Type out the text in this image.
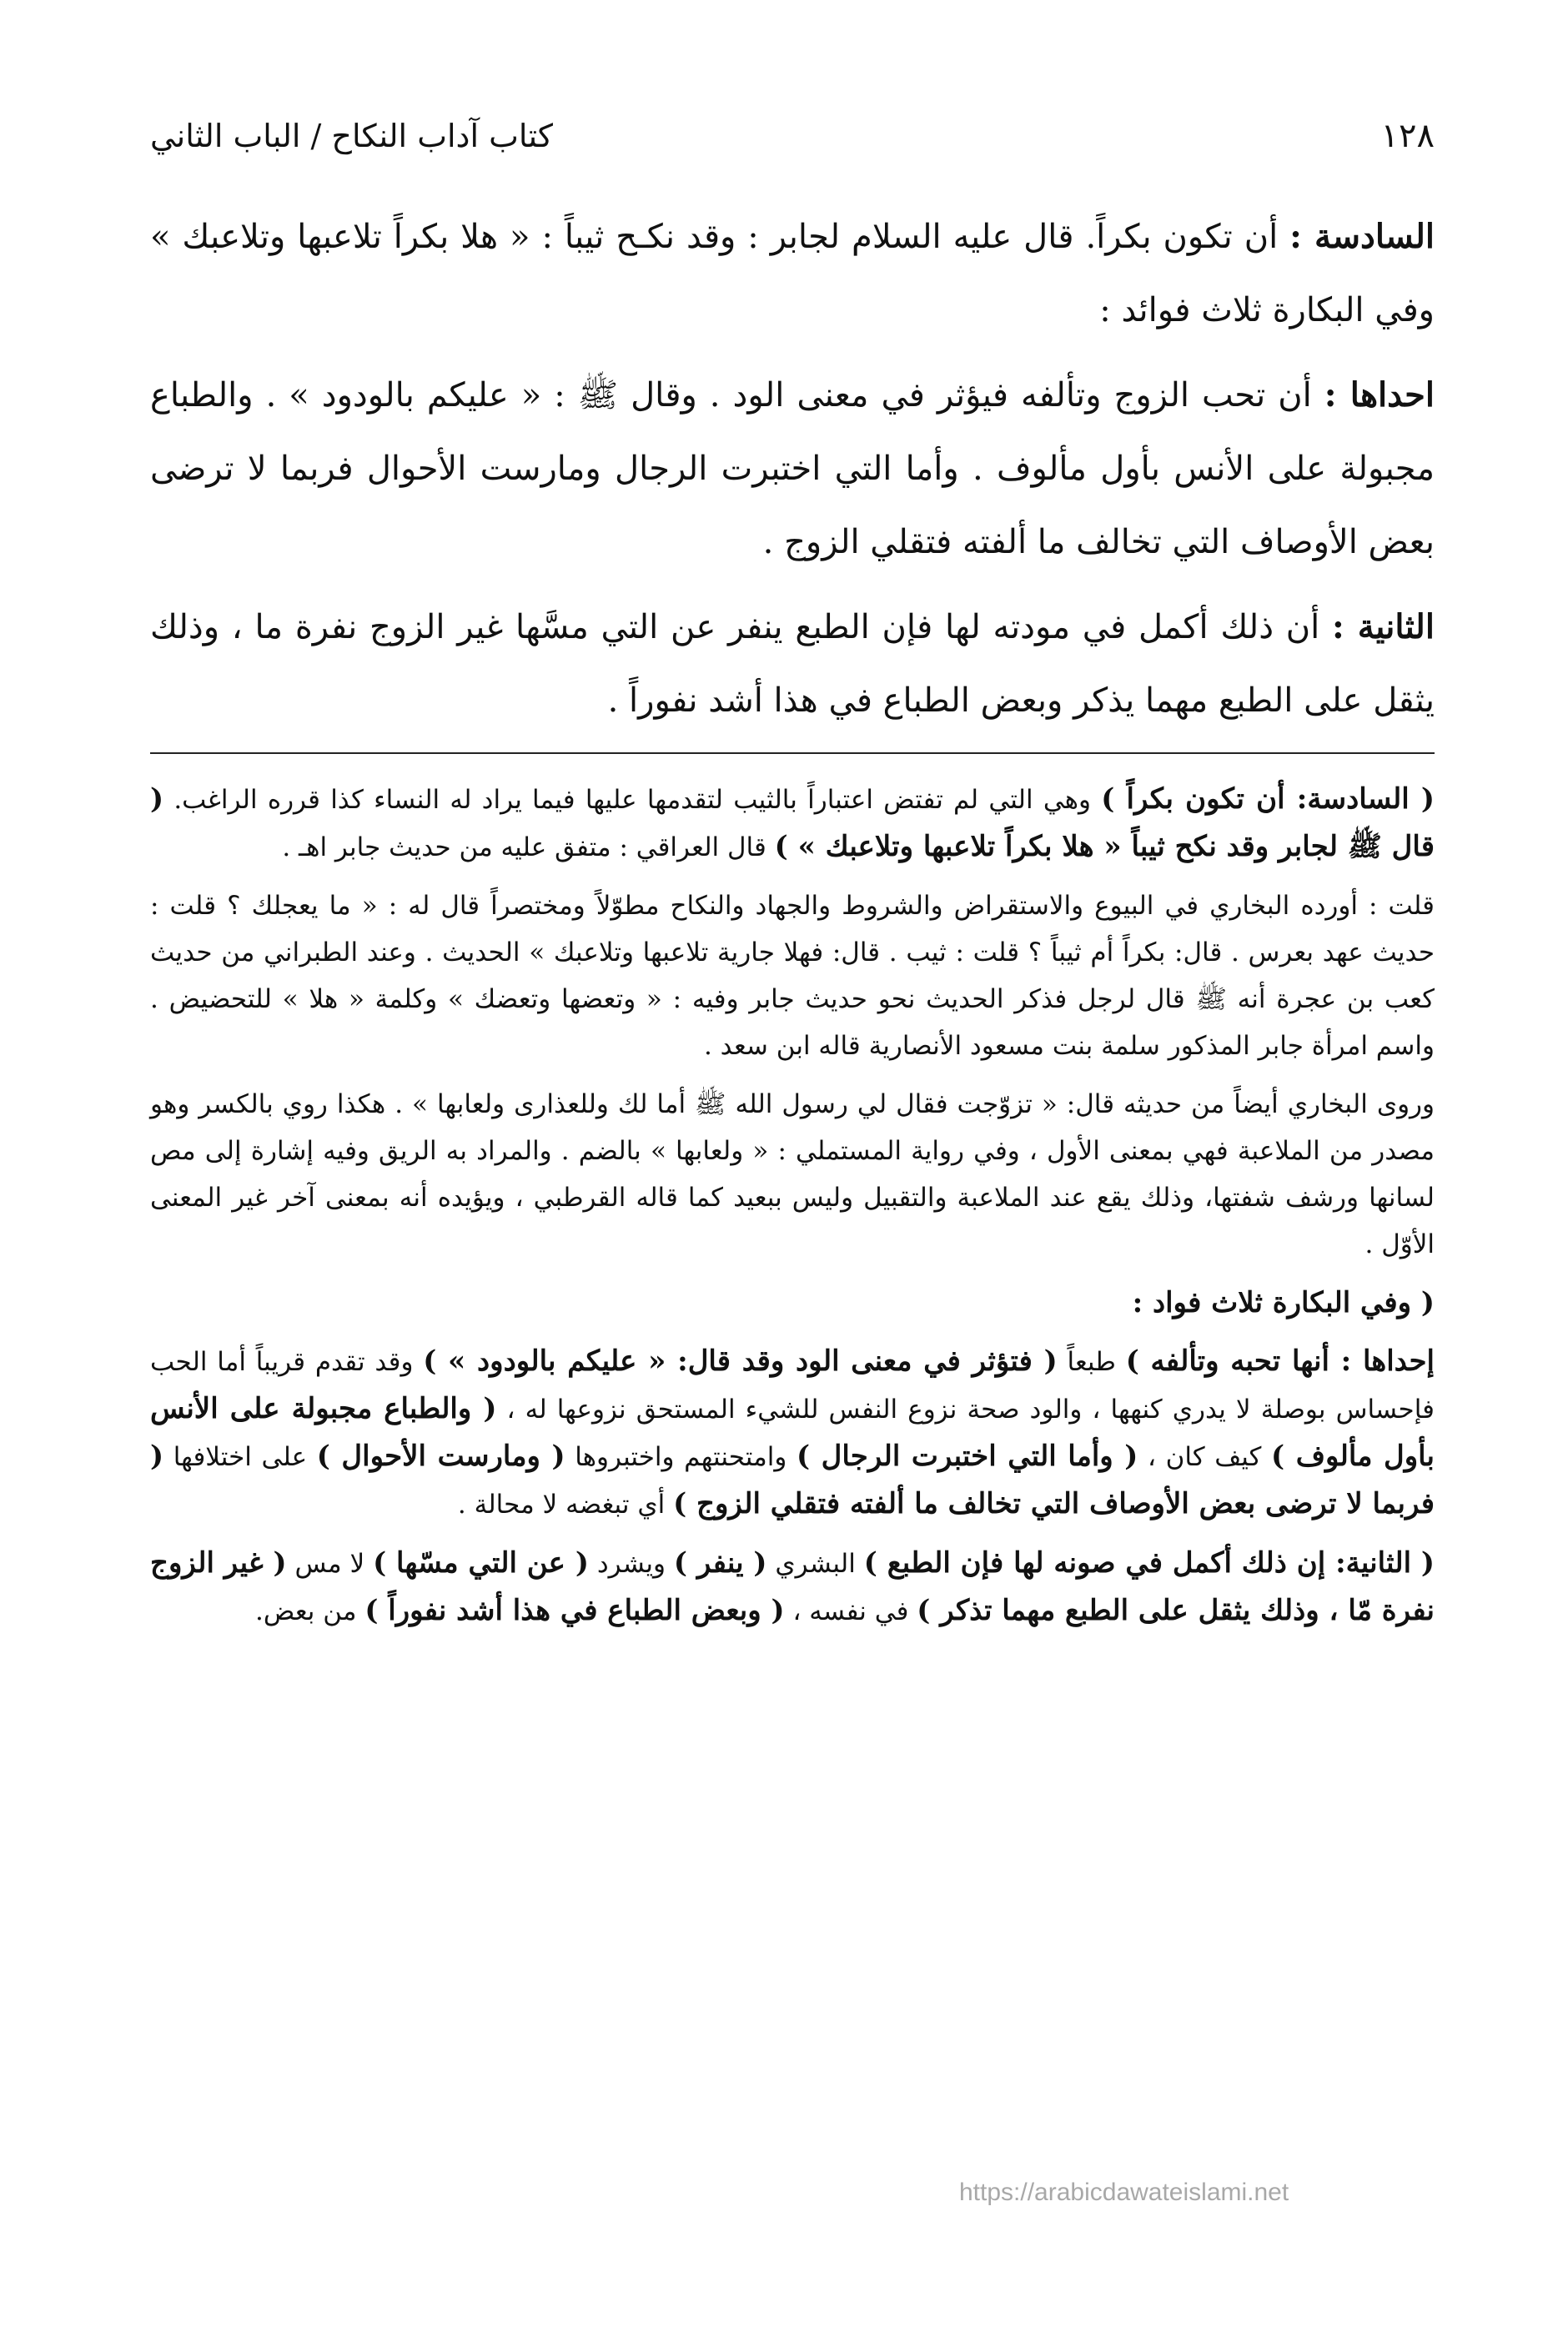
١٢٨
كتاب آداب النكاح / الباب الثاني

السادسة : أن تكون بكراً. قال عليه السلام لجابر : وقد نكـح ثيباً : « هلا بكراً تلاعبها وتلاعبك » وفي البكارة ثلاث فوائد :

احداها : أن تحب الزوج وتألفه فيؤثر في معنى الود . وقال ﷺ : « عليكم بالودود » . والطباع مجبولة على الأنس بأول مألوف . وأما التي اختبرت الرجال ومارست الأحوال فربما لا ترضى بعض الأوصاف التي تخالف ما ألفته فتقلي الزوج .

الثانية : أن ذلك أكمل في مودته لها فإن الطبع ينفر عن التي مسَّها غير الزوج نفرة ما ، وذلك يثقل على الطبع مهما يذكر وبعض الطباع في هذا أشد نفوراً .

( السادسة: أن تكون بكراً ) وهي التي لم تفتض اعتباراً بالثيب لتقدمها عليها فيما يراد له النساء كذا قرره الراغب. ( قال ﷺ لجابر وقد نكح ثيباً « هلا بكراً تلاعبها وتلاعبك » ) قال العراقي : متفق عليه من حديث جابر اهـ .

قلت : أورده البخاري في البيوع والاستقراض والشروط والجهاد والنكاح مطوّلاً ومختصراً قال له : « ما يعجلك ؟ قلت : حديث عهد بعرس . قال: بكراً أم ثيباً ؟ قلت : ثيب . قال: فهلا جارية تلاعبها وتلاعبك » الحديث . وعند الطبراني من حديث كعب بن عجرة أنه ﷺ قال لرجل فذكر الحديث نحو حديث جابر وفيه : « وتعضها وتعضك » وكلمة « هلا » للتحضيض . واسم امرأة جابر المذكور سلمة بنت مسعود الأنصارية قاله ابن سعد .

وروى البخاري أيضاً من حديثه قال: « تزوّجت فقال لي رسول الله ﷺ أما لك وللعذارى ولعابها » . هكذا روي بالكسر وهو مصدر من الملاعبة فهي بمعنى الأول ، وفي رواية المستملي : « ولعابها » بالضم . والمراد به الريق وفيه إشارة إلى مص لسانها ورشف شفتها، وذلك يقع عند الملاعبة والتقبيل وليس ببعيد كما قاله القرطبي ، ويؤيده أنه بمعنى آخر غير المعنى الأوّل .

( وفي البكارة ثلاث فواد :

إحداها : أنها تحبه وتألفه ) طبعاً ( فتؤثر في معنى الود وقد قال: « عليكم بالودود » ) وقد تقدم قريباً أما الحب فإحساس بوصلة لا يدري كنهها ، والود صحة نزوع النفس للشيء المستحق نزوعها له ، ( والطباع مجبولة على الأنس بأول مألوف ) كيف كان ، ( وأما التي اختبرت الرجال ) وامتحنتهم واختبروها ( ومارست الأحوال ) على اختلافها ( فربما لا ترضى بعض الأوصاف التي تخالف ما ألفته فتقلي الزوج ) أي تبغضه لا محالة .

( الثانية: إن ذلك أكمل في صونه لها فإن الطبع ) البشري ( ينفر ) ويشرد ( عن التي مسّها ) لا مس ( غير الزوج نفرة مّا ، وذلك يثقل على الطبع مهما تذكر ) في نفسه ، ( وبعض الطباع في هذا أشد نفوراً ) من بعض.

https://arabicdawateislami.net
